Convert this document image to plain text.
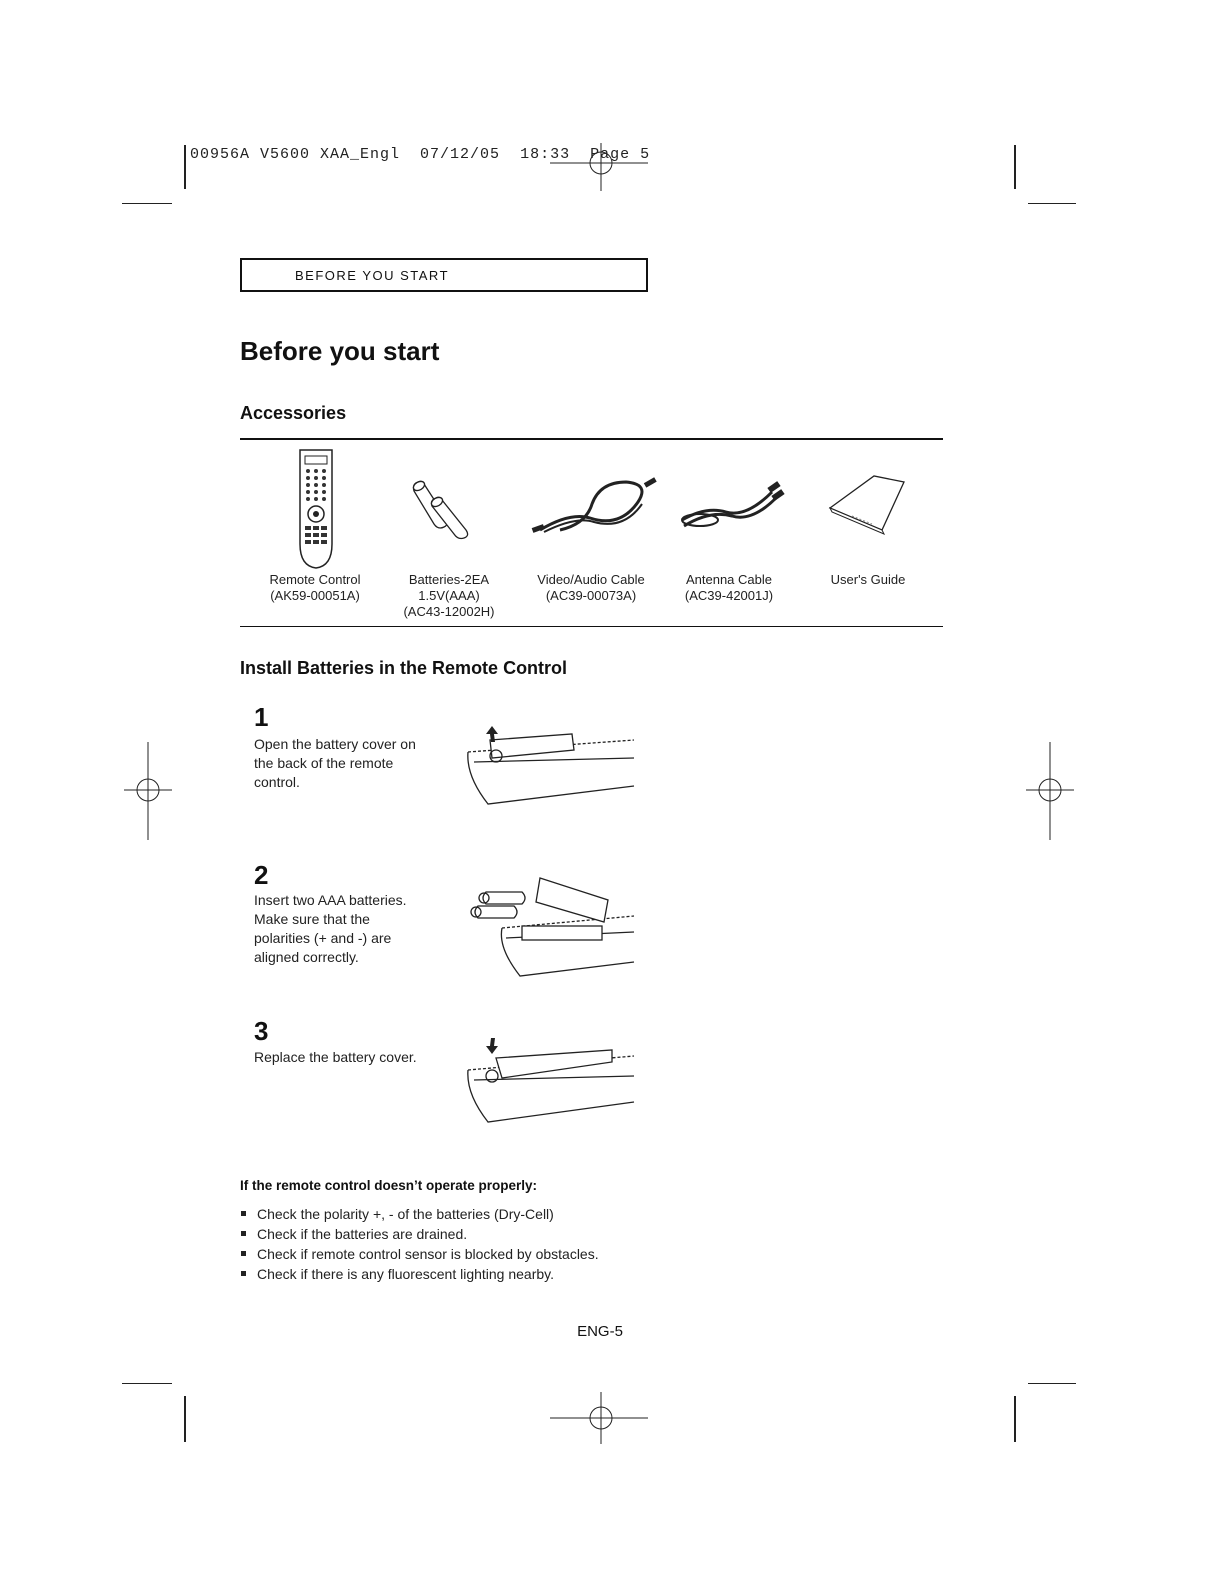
00956A V5600 XAA_Engl 07/12/05 18:33 Page 5
BEFORE YOU START
Before you start
Accessories
Remote Control
(AK59-00051A)
Batteries-2EA
1.5V(AAA)
(AC43-12002H)
Video/Audio Cable
(AC39-00073A)
Antenna Cable
(AC39-42001J)
User's Guide
Install Batteries in the Remote Control
1
Open the battery cover on the back of the remote control.
2
Insert two AAA batteries. Make sure that the polarities (+ and -) are aligned correctly.
3
Replace the battery cover.
If the remote control doesn’t operate properly:
Check the polarity +, - of the batteries (Dry-Cell)
Check if the batteries are drained.
Check if remote control sensor is blocked by obstacles.
Check if there is any fluorescent lighting nearby.
ENG-5
